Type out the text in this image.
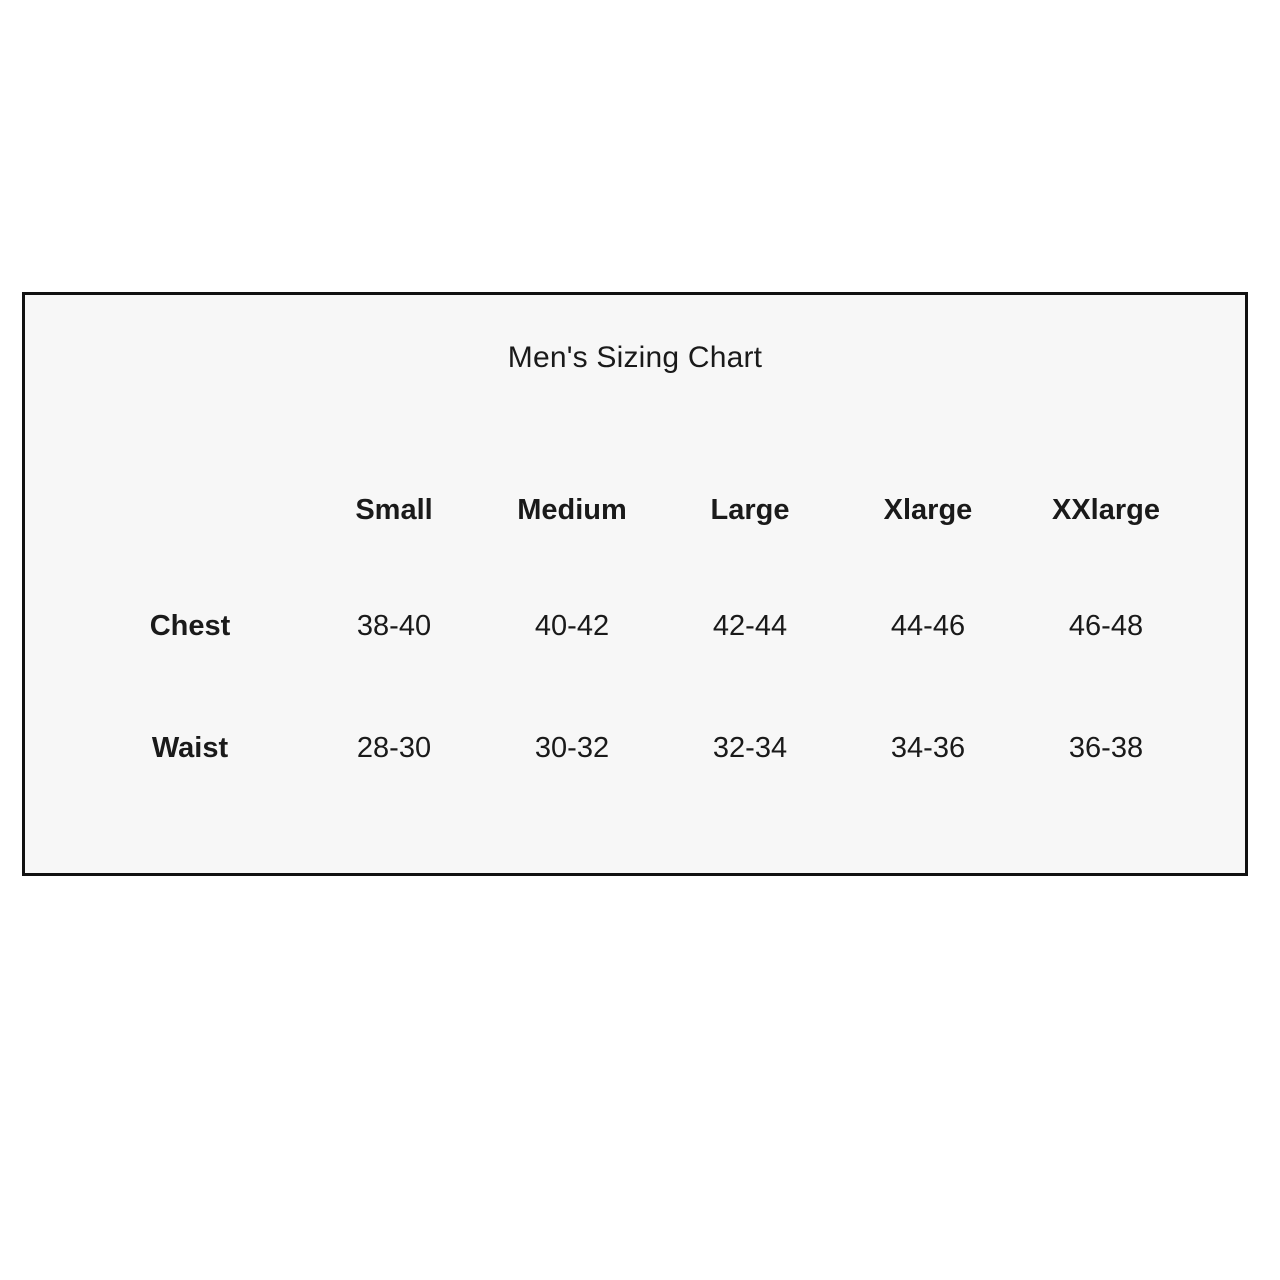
Men's Sizing Chart
	Small	Medium	Large	Xlarge	XXlarge
Chest	38-40	40-42	42-44	44-46	46-48
Waist	28-30	30-32	32-34	34-36	36-38
